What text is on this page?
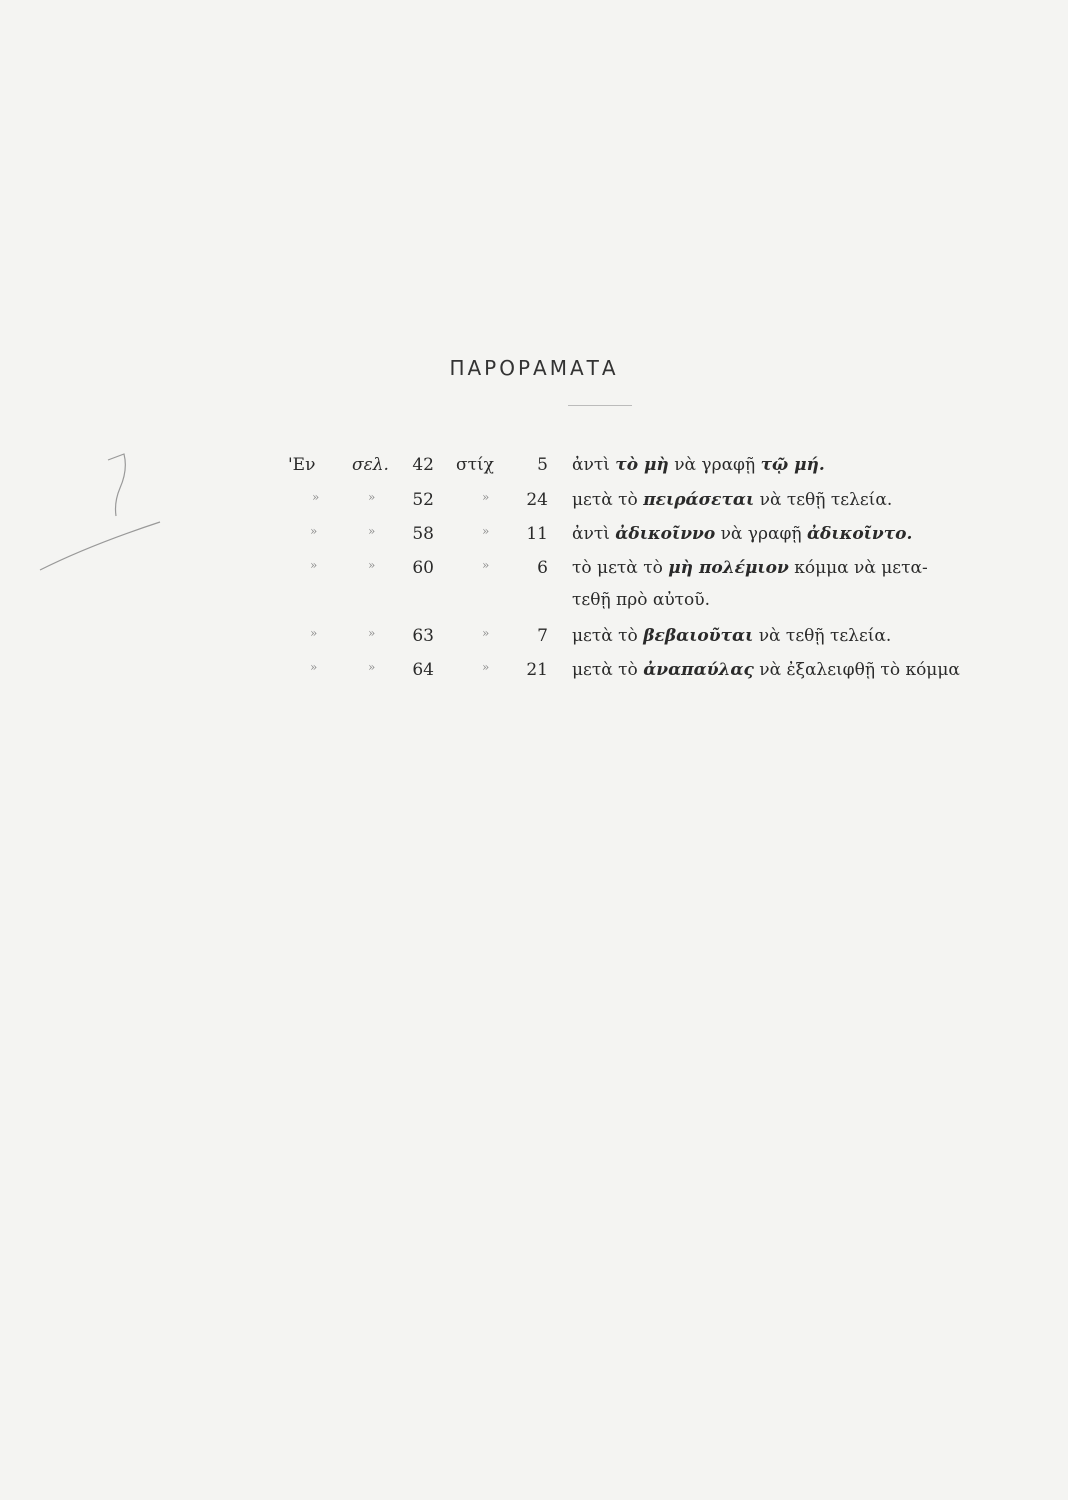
ΠΑΡΟΡΑΜΑΤΑ
'Εν σελ. 42 στίχ	5 ἀντὶ τὸ μὴ νὰ γραφῇ τῷ μή.
»	» 52	»	24 μετὰ τὸ πειράσεται νὰ τεθῇ τελεία.
»	» 58	»	11 ἀντὶ ἀδικοῖννο νὰ γραφῇ ἀδικοῖντο.
»	» 60	»	6 τὸ μετὰ τὸ μὴ πολέμιον κόμμα νὰ μετα-
τεθῇ πρὸ αὐτοῦ.
»	» 63	»	7 μετὰ τὸ βεβαιοῦται νὰ τεθῇ τελεία.
»	» 64	»	21 μετὰ τὸ ἀναπαύλας νὰ ἐξαλειφθῇ τὸ κόμμα
